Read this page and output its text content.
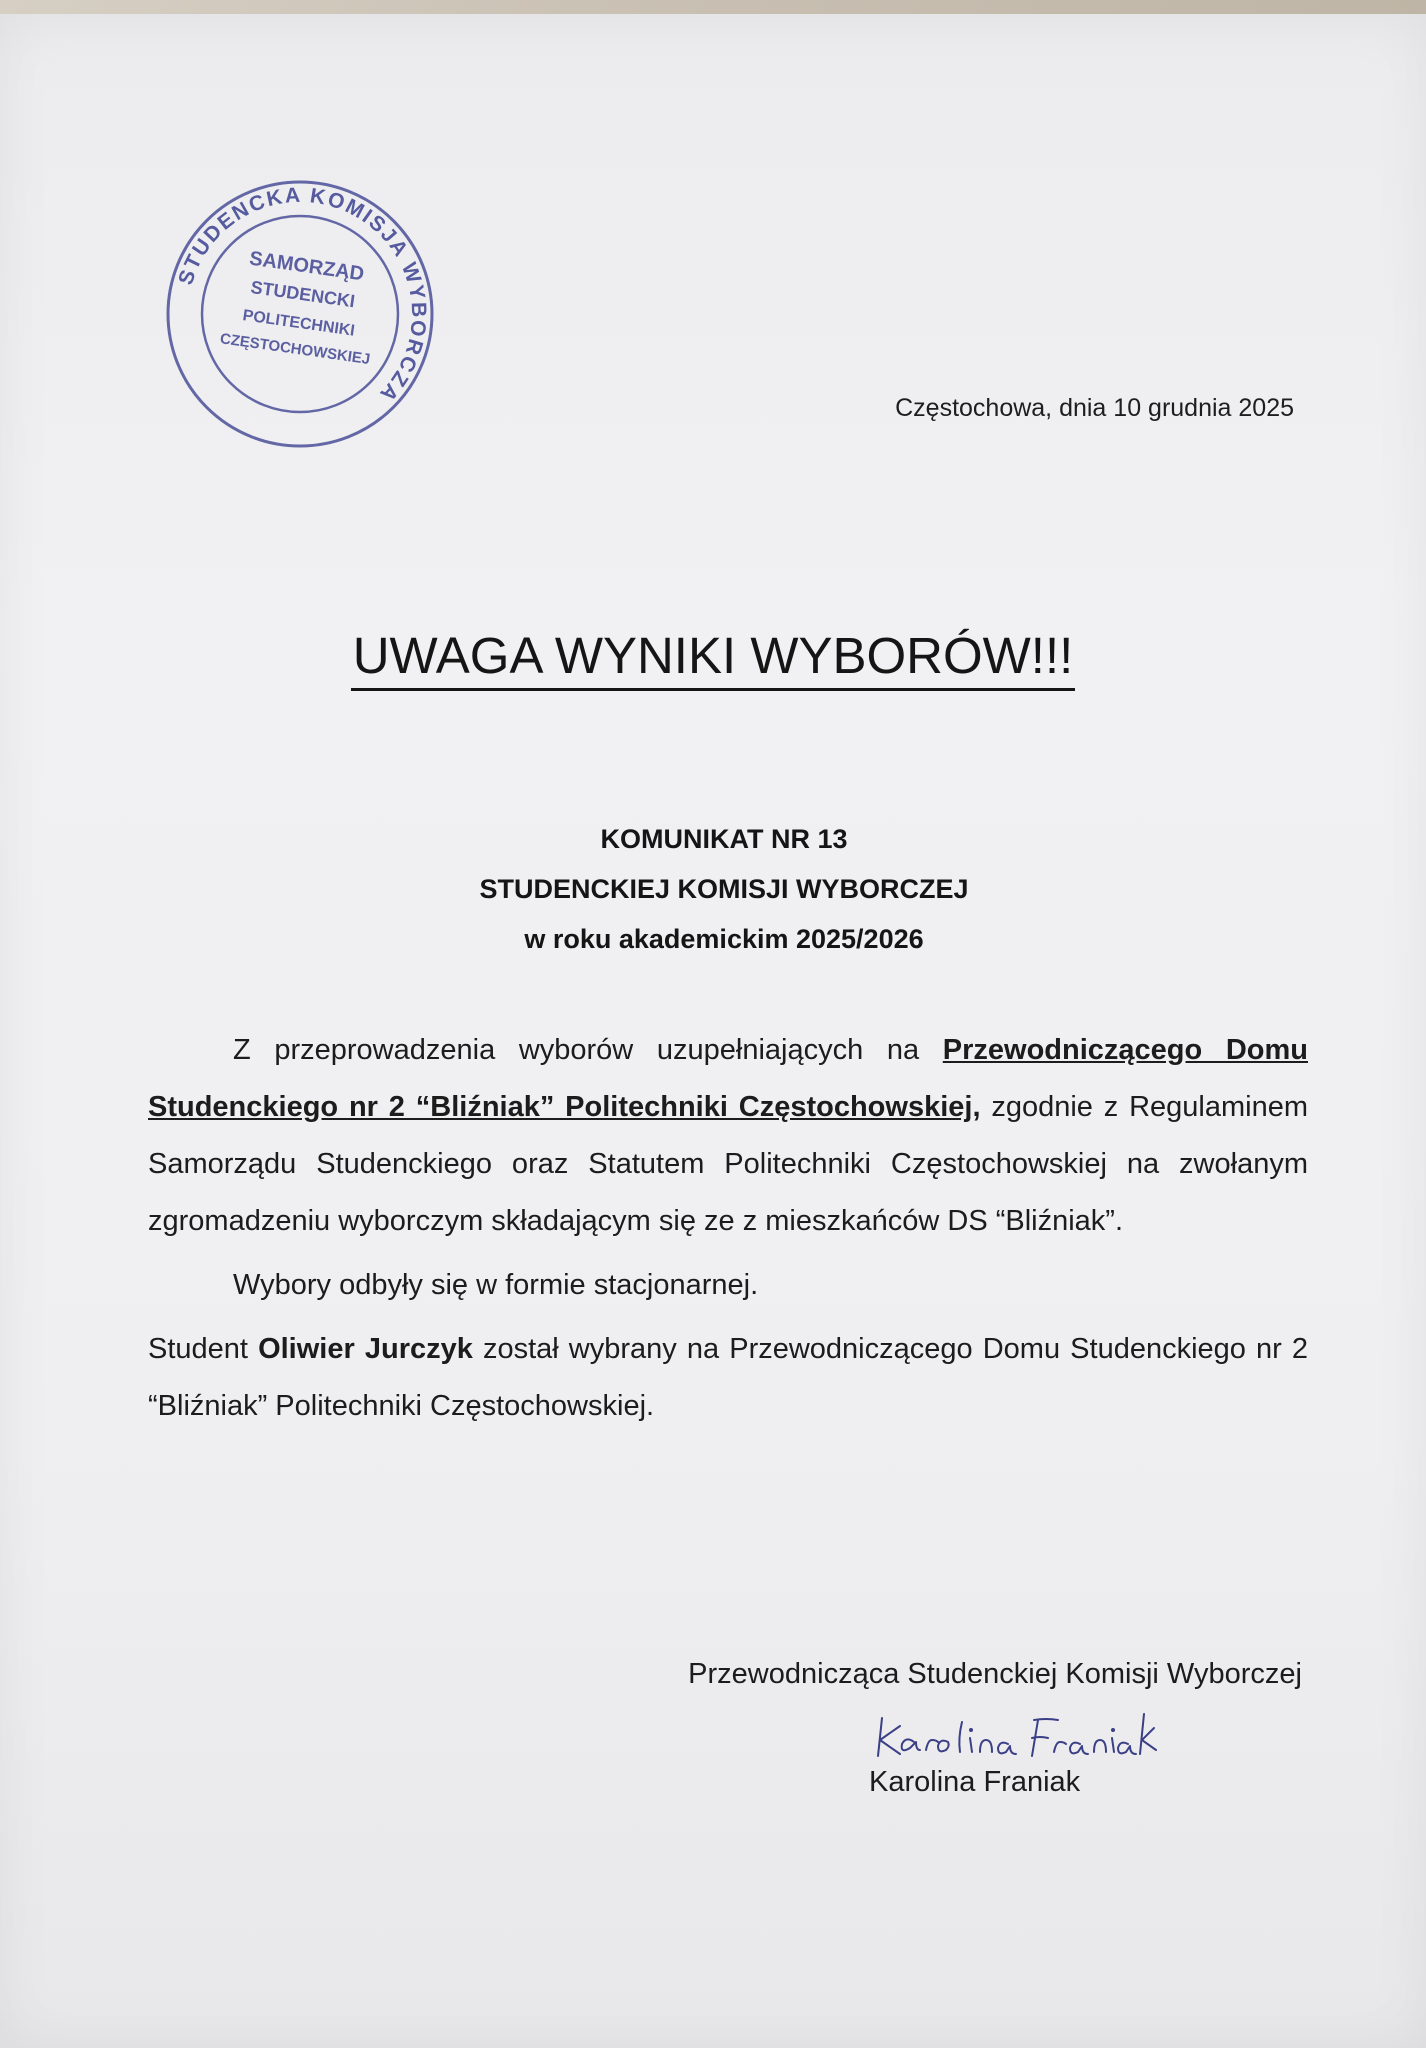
STUDENCKA KOMISJA WYBORCZA
SAMORZĄD
STUDENCKI
POLITECHNIKI
CZĘSTOCHOWSKIEJ
Częstochowa, dnia 10 grudnia 2025
UWAGA WYNIKI WYBORÓW!!!
KOMUNIKAT NR 13
STUDENCKIEJ KOMISJI WYBORCZEJ
w roku akademickim 2025/2026

Z przeprowadzenia wyborów uzupełniających na Przewodniczącego Domu Studenckiego nr 2 “Bliźniak” Politechniki Częstochowskiej, zgodnie z Regulaminem Samorządu Studenckiego oraz Statutem Politechniki Częstochowskiej na zwołanym zgromadzeniu wyborczym składającym się ze z mieszkańców DS “Bliźniak”.

Wybory odbyły się w formie stacjonarnej.

Student Oliwier Jurczyk został wybrany na Przewodniczącego Domu Studenckiego nr 2 “Bliźniak” Politechniki Częstochowskiej.

Przewodnicząca Studenckiej Komisji Wyborczej
Karolina Franiak
